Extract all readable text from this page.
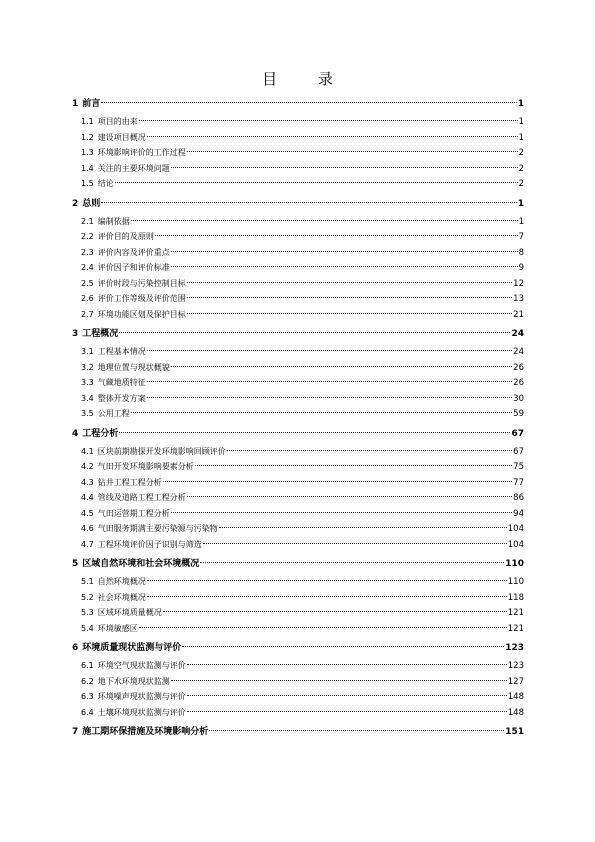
目 录
1 前言	1
1.1 项目的由来	1
1.2 建设项目概况	1
1.3 环境影响评价的工作过程	2
1.4 关注的主要环境问题	2
1.5 结论	2
2 总则	1
2.1 编制依据	1
2.2 评价目的及原则	7
2.3 评价内容及评价重点	8
2.4 评价因子和评价标准	9
2.5 评价时段与污染控制目标	12
2.6 评价工作等级及评价范围	13
2.7 环境功能区划及保护目标	21
3 工程概况	24
3.1 工程基本情况	24
3.2 地理位置与现状概貌	26
3.3 气藏地质特征	26
3.4 整体开发方案	30
3.5 公用工程	59
4 工程分析	67
4.1 区块前期勘探开发环境影响回顾评价	67
4.2 气田开发环境影响要素分析	75
4.3 钻井工程工程分析	77
4.4 管线及道路工程工程分析	86
4.5 气田运营期工程分析	94
4.6 气田服务期满主要污染源与污染物	104
4.7 工程环境评价因子识别与筛选	104
5 区域自然环境和社会环境概况	110
5.1 自然环境概况	110
5.2 社会环境概况	118
5.3 区域环境质量概况	121
5.4 环境敏感区	121
6 环境质量现状监测与评价	123
6.1 环境空气现状监测与评价	123
6.2 地下水环境现状监测	127
6.3 环境噪声现状监测与评价	148
6.4 土壤环境现状监测与评价	148
7 施工期环保措施及环境影响分析	151
